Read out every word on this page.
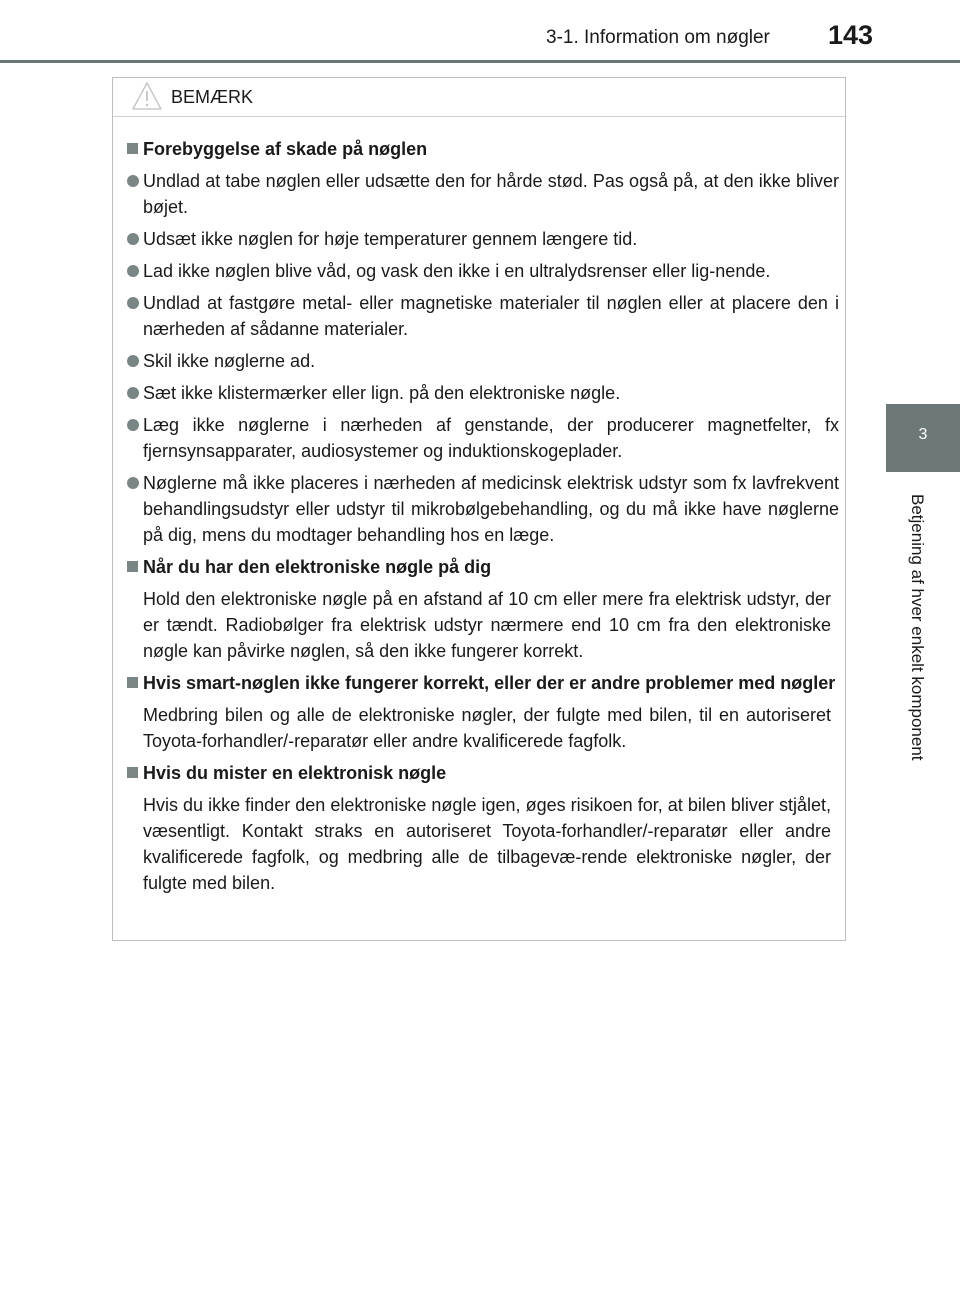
3-1. Information om nøgler 143
3
Betjening af hver enkelt komponent
BEMÆRK
Forebyggelse af skade på nøglen
Undlad at tabe nøglen eller udsætte den for hårde stød. Pas også på, at den ikke bliver bøjet.
Udsæt ikke nøglen for høje temperaturer gennem længere tid.
Lad ikke nøglen blive våd, og vask den ikke i en ultralydsrenser eller lig-nende.
Undlad at fastgøre metal- eller magnetiske materialer til nøglen eller at placere den i nærheden af sådanne materialer.
Skil ikke nøglerne ad.
Sæt ikke klistermærker eller lign. på den elektroniske nøgle.
Læg ikke nøglerne i nærheden af genstande, der producerer magnetfelter, fx fjernsynsapparater, audiosystemer og induktionskogeplader.
Nøglerne må ikke placeres i nærheden af medicinsk elektrisk udstyr som fx lavfrekvent behandlingsudstyr eller udstyr til mikrobølgebehandling, og du må ikke have nøglerne på dig, mens du modtager behandling hos en læge.
Når du har den elektroniske nøgle på dig

Hold den elektroniske nøgle på en afstand af 10 cm eller mere fra elektrisk udstyr, der er tændt. Radiobølger fra elektrisk udstyr nærmere end 10 cm fra den elektroniske nøgle kan påvirke nøglen, så den ikke fungerer korrekt.

Hvis smart-nøglen ikke fungerer korrekt, eller der er andre problemer med nøgler

Medbring bilen og alle de elektroniske nøgler, der fulgte med bilen, til en autoriseret Toyota-forhandler/-reparatør eller andre kvalificerede fagfolk.

Hvis du mister en elektronisk nøgle

Hvis du ikke finder den elektroniske nøgle igen, øges risikoen for, at bilen bliver stjålet, væsentligt. Kontakt straks en autoriseret Toyota-forhandler/-reparatør eller andre kvalificerede fagfolk, og medbring alle de tilbagevæ-rende elektroniske nøgler, der fulgte med bilen.
